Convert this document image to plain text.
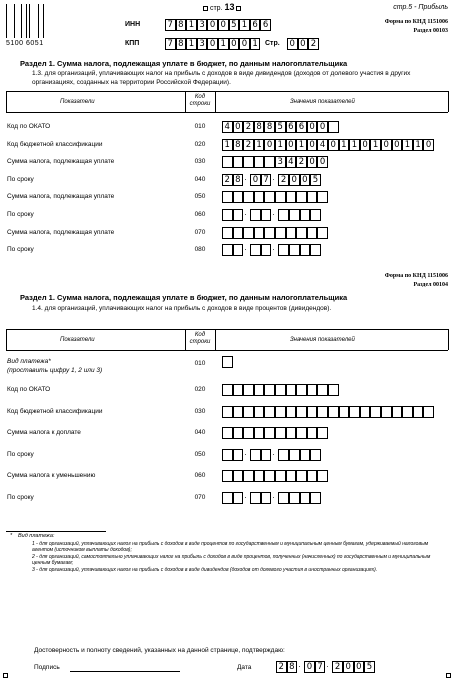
стр. 13	стр.5 - Прибыль
5100 6051
ИНН
КПП	Стр.
Форма по КНД 1151006
Раздел 00103
Раздел 1. Сумма налога, подлежащая уплате в бюджет, по данным налогоплательщика
1.3. для организаций, уплачивающих налог на прибыль с доходов в виде дивидендов (доходов от долевого участия в других организациях, созданных на территории Российской Федерации).
Показатели
Код строки	Значения показателей
Форма по КНД 1151006
Раздел 00104
Раздел 1. Сумма налога, подлежащая уплате в бюджет, по данным налогоплательщика
1.4. для организаций, уплачивающих налог на прибыль с доходов в виде процентов (дивидендов).
Показатели
Код строки	Значения показателей
Вид платежа*
(проставить цифру 1, 2 или 3)
010
* Вид платежа:
1 - для организаций, уплачивающих налог на прибыль с доходов в виде процентов по государственным и муниципальным ценным бумагам, удерживаемый налоговым агентом (источником выплаты доходов);
2 - для организаций, самостоятельно уплачивающих налог на прибыль с доходов в виде процентов, полученных (начисленных) по государственным и муниципальным ценным бумагам;
3 - для организаций, уплачивающих налог на прибыль с доходов в виде дивидендов (доходов от долевого участия в иностранных организациях).
Достоверность и полноту сведений, указанных на данной странице, подтверждаю:
Подпись	Дата
7 8 1 3 0 0 5 1 6 6
7 8 1 3 0 1 0 0 1	0 0 2
Код по ОКАТО	010	4 0 2 8 8 5 6 6 0 0
Код бюджетной классификации	020	1 8 2 1 0 1 0 1 0 4 0 1 1 0 1 0 0 1 1 0
Сумма налога, подлежащая уплате	030	3 4 2 0 0
По сроку	040	2 8 . 0 7 . 2 0 0 5
Сумма налога, подлежащая уплате	050
По сроку	060	.	.
Сумма налога, подлежащая уплате	070
По сроку	080	.	.
Код по ОКАТО	020
Код бюджетной классификации	030
Сумма налога к доплате	040
По сроку	050	.	.
Сумма налога к уменьшению	060
По сроку	070	.	.
2 8 . 0 7 . 2 0 0 5
